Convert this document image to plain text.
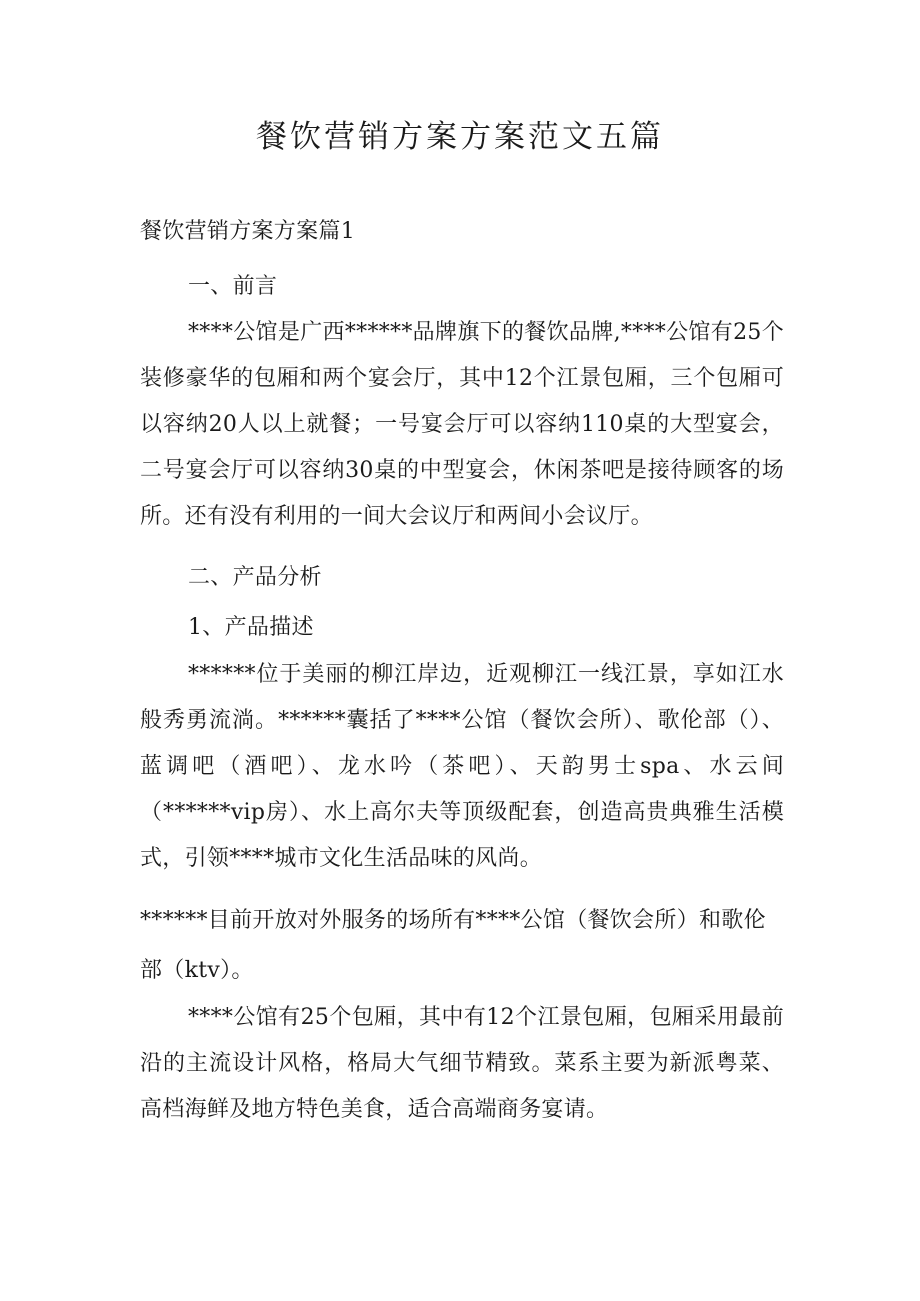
餐饮营销方案方案范文五篇
餐饮营销方案方案篇1
一、前言

****公馆是广西******品牌旗下的餐饮品牌,****公馆有25个装修豪华的包厢和两个宴会厅，其中12个江景包厢，三个包厢可以容纳20人以上就餐；一号宴会厅可以容纳110桌的大型宴会，二号宴会厅可以容纳30桌的中型宴会，休闲茶吧是接待顾客的场所。还有没有利用的一间大会议厅和两间小会议厅。

二、产品分析
1、产品描述

******位于美丽的柳江岸边，近观柳江一线江景，享如江水般秀勇流淌。******囊括了****公馆（餐饮会所）、歌伦部（）、蓝调吧（酒吧）、龙水吟（茶吧）、天韵男士spa、水云间（******vip房）、水上高尔夫等顶级配套，创造高贵典雅生活模式，引领****城市文化生活品味的风尚。

******目前开放对外服务的场所有****公馆（餐饮会所）和歌伦
部（ktv）。

****公馆有25个包厢，其中有12个江景包厢，包厢采用最前沿的主流设计风格，格局大气细节精致。菜系主要为新派粤菜、高档海鲜及地方特色美食，适合高端商务宴请。
